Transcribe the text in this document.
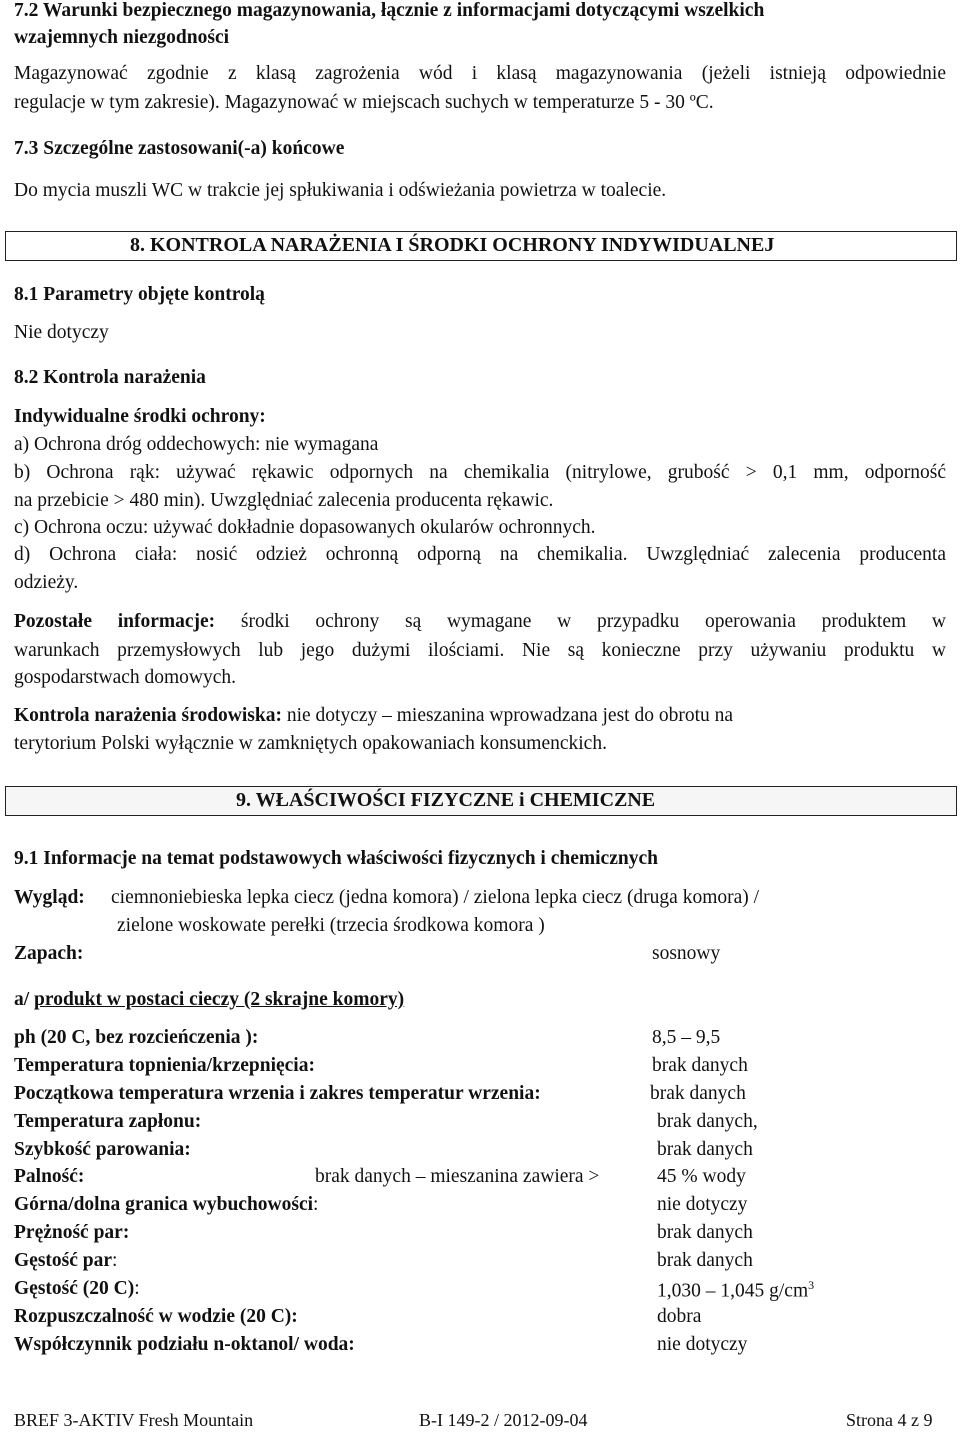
7.2 Warunki bezpiecznego magazynowania, łącznie z informacjami dotyczącymi wszelkich
wzajemnych niezgodności
Magazynować zgodnie z klasą zagrożenia wód i klasą magazynowania (jeżeli istnieją odpowiednie
regulacje w tym zakresie). Magazynować w miejscach suchych w temperaturze 5 - 30 ºC.
7.3 Szczególne zastosowani(-a) końcowe
Do mycia muszli WC w trakcie jej spłukiwania i odświeżania powietrza w toalecie.
8. KONTROLA NARAŻENIA I ŚRODKI OCHRONY INDYWIDUALNEJ
8.1 Parametry objęte kontrolą
Nie dotyczy
8.2 Kontrola narażenia
Indywidualne środki ochrony:
a) Ochrona dróg oddechowych: nie wymagana
b) Ochrona rąk: używać rękawic odpornych na chemikalia (nitrylowe, grubość > 0,1 mm, odporność
na przebicie > 480 min). Uwzględniać zalecenia producenta rękawic.
c) Ochrona oczu: używać dokładnie dopasowanych okularów ochronnych.
d) Ochrona ciała: nosić odzież ochronną odporną na chemikalia. Uwzględniać zalecenia producenta
odzieży.
Pozostałe informacje: środki ochrony są wymagane w przypadku operowania produktem w
warunkach przemysłowych lub jego dużymi ilościami. Nie są konieczne przy używaniu produktu w
gospodarstwach domowych.
Kontrola narażenia środowiska: nie dotyczy – mieszanina wprowadzana jest do obrotu na
terytorium Polski wyłącznie w zamkniętych opakowaniach konsumenckich.
9. WŁAŚCIWOŚCI FIZYCZNE i CHEMICZNE
9.1 Informacje na temat podstawowych właściwości fizycznych i chemicznych
Wygląd: ciemnoniebieska lepka ciecz (jedna komora) / zielona lepka ciecz (druga komora) /
zielone woskowate perełki (trzecia środkowa komora )
Zapach:	sosnowy
a/ produkt w postaci cieczy (2 skrajne komory)
ph (20 C, bez rozcieńczenia ):	8,5 – 9,5
Temperatura topnienia/krzepnięcia:	brak danych
Początkowa temperatura wrzenia i zakres temperatur wrzenia:	brak danych
Temperatura zapłonu:	brak danych,
Szybkość parowania:	brak danych
Palność:	brak danych – mieszanina zawiera >	45 % wody
Górna/dolna granica wybuchowości:	nie dotyczy
Prężność par:	brak danych
Gęstość par:	brak danych
Gęstość (20 C):	1,030 – 1,045 $g/cm^3$
Rozpuszczalność w wodzie (20 C):	dobra
Współczynnik podziału n-oktanol/ woda:	nie dotyczy
BREF 3-AKTIV Fresh Mountain	B-I 149-2 / 2012-09-04	Strona 4 z 9
